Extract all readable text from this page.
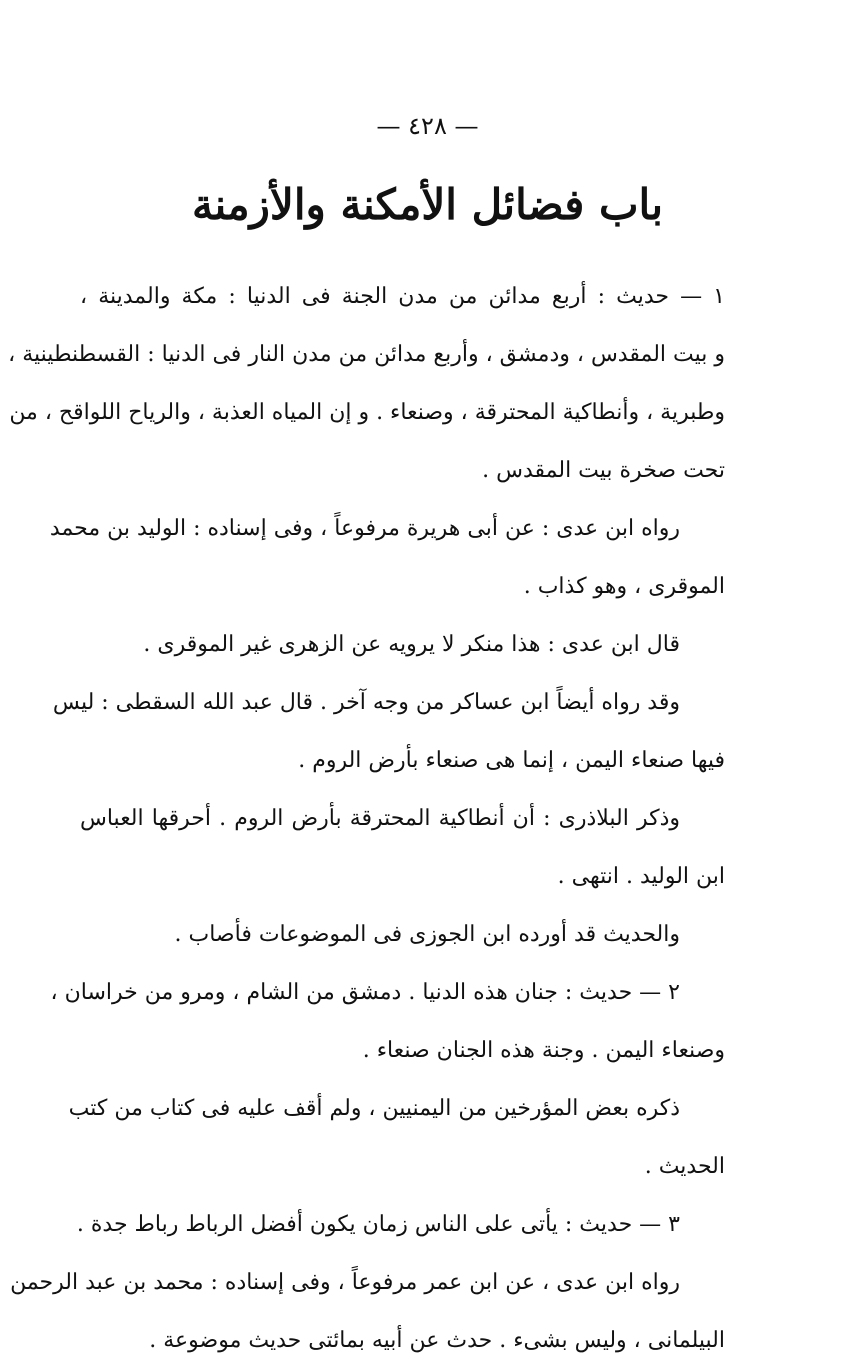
— ٤٢٨ —
باب فضائل الأمكنة والأزمنة
١ — حديث : أربع مدائن من مدن الجنة فى الدنيا : مكة والمدينة ،
و بيت المقدس ، ودمشق ، وأربع مدائن من مدن النار فى الدنيا : القسطنطينية ،
وطبرية ، وأنطاكية المحترقة ، وصنعاء . و إن المياه العذبة ، والرياح اللواقح ، من
تحت صخرة بيت المقدس .
رواه ابن عدى : عن أبى هريرة مرفوعاً ، وفى إسناده : الوليد بن محمد
الموقرى ، وهو كذاب .
قال ابن عدى : هذا منكر لا يرويه عن الزهرى غير الموقرى .
وقد رواه أيضاً ابن عساكر من وجه آخر . قال عبد الله السقطى : ليس
فيها صنعاء اليمن ، إنما هى صنعاء بأرض الروم .
وذكر البلاذرى : أن أنطاكية المحترقة بأرض الروم . أحرقها العباس
ابن الوليد . انتهى .
والحديث قد أورده ابن الجوزى فى الموضوعات فأصاب .
٢ — حديث : جنان هذه الدنيا . دمشق من الشام ، ومرو من خراسان ،
وصنعاء اليمن . وجنة هذه الجنان صنعاء .
ذكره بعض المؤرخين من اليمنيين ، ولم أقف عليه فى كتاب من كتب
الحديث .
٣ — حديث : يأتى على الناس زمان يكون أفضل الرباط رباط جدة .
رواه ابن عدى ، عن ابن عمر مرفوعاً ، وفى إسناده : محمد بن عبد الرحمن
البيلمانى ، وليس بشىء . حدث عن أبيه بمائتى حديث موضوعة .
